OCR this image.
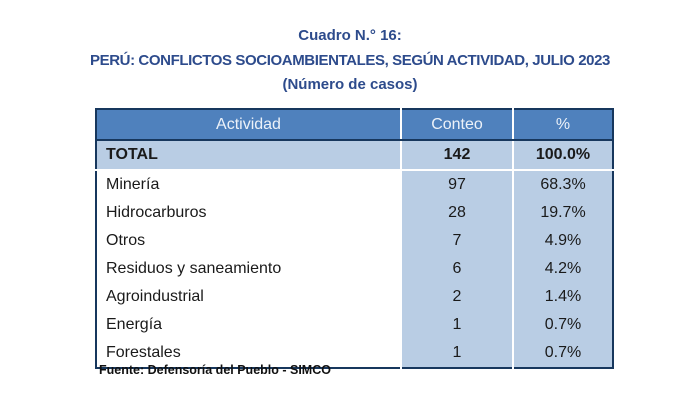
Cuadro N.° 16:
PERÚ: CONFLICTOS SOCIOAMBIENTALES, SEGÚN ACTIVIDAD, JULIO 2023
(Número de casos)
Actividad	Conteo	%
TOTAL	142	100.0%
Minería	97	68.3%
Hidrocarburos	28	19.7%
Otros	7	4.9%
Residuos y saneamiento	6	4.2%
Agroindustrial	2	1.4%
Energía	1	0.7%
Forestales	1	0.7%
Fuente: Defensoría del Pueblo - SIMCO
